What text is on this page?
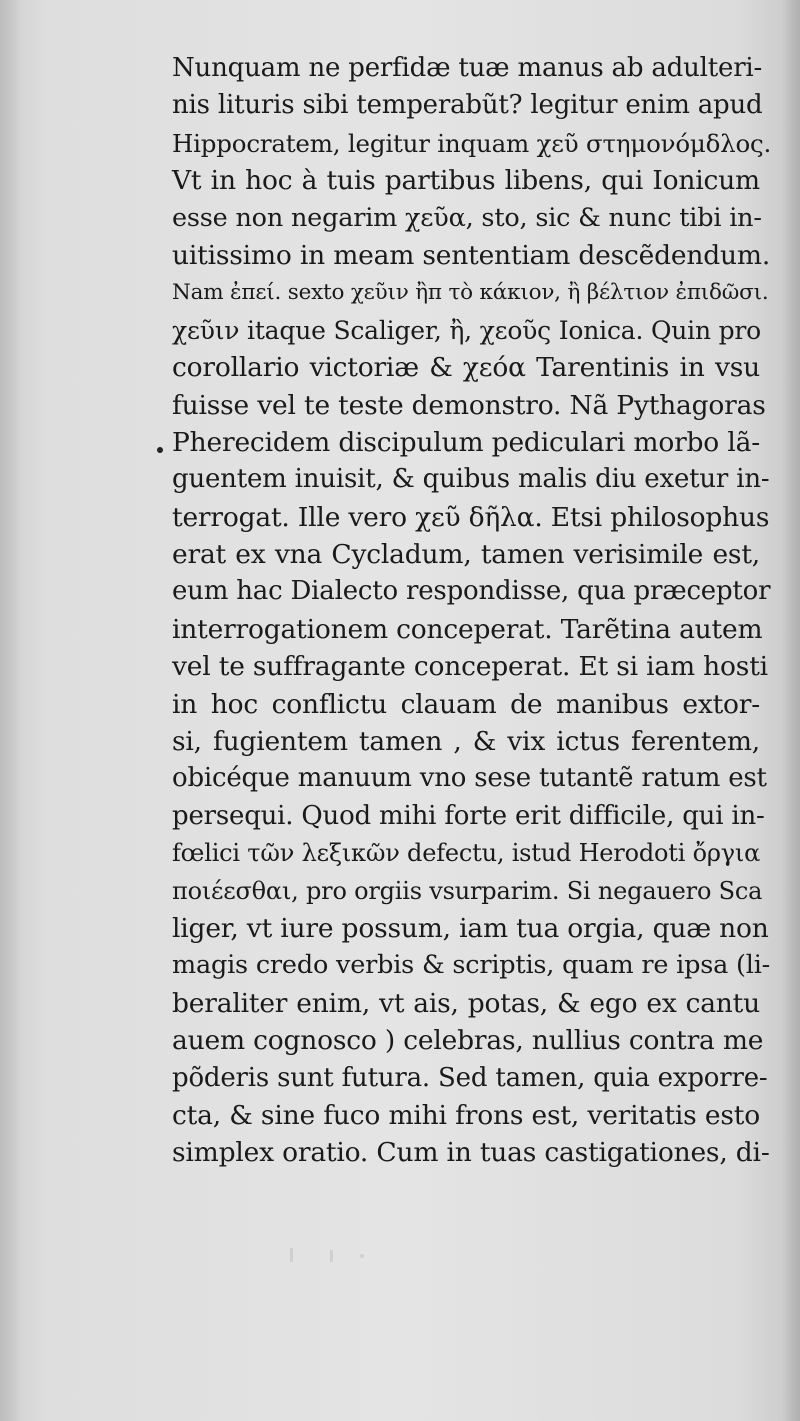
Nunquam ne perfidæ tuæ manus ab adulteri-
nis lituris sibi temperabũt? legitur enim apud
Hippocratem, legitur inquam χεῦ στημονόμδλος.
Vt in hoc à tuis partibus libens, qui Ionicum
esse non negarim χεῦα, sto, sic & nunc tibi in-
uitissimo in meam sententiam descẽdendum.
Nam ἐπεί. sexto χεῦιν ἢπ τὸ κάκιον, ἢ βέλτιον ἐπιδῶσι.
χεῦιν itaque Scaliger, ἢ, χεοῦς Ionica. Quin pro
corollario victoriæ & χεόα Tarentinis in vsu
fuisse vel te teste demonstro. Nã Pythagoras
Pherecidem discipulum pediculari morbo lã-
guentem inuisit, & quibus malis diu exetur in-
terrogat. Ille vero χεῦ δῆλα. Etsi philosophus
erat ex vna Cycladum, tamen verisimile est,
eum hac Dialecto respondisse, qua præceptor
interrogationem conceperat. Tarẽtina autem
vel te suffragante conceperat. Et si iam hosti
in hoc conflictu clauam de manibus extor-
si, fugientem tamen , & vix ictus ferentem,
obicéque manuum vno sese tutantẽ ratum est
persequi. Quod mihi forte erit difficile, qui in-
fœlici τῶν λεξικῶν defectu, istud Herodoti ὄργια
ποιέεσθαι, pro orgiis vsurparim. Si negauero Sca
liger, vt iure possum, iam tua orgia, quæ non
magis credo verbis & scriptis, quam re ipsa (li-
beraliter enim, vt ais, potas, & ego ex cantu
auem cognosco ) celebras, nullius contra me
põderis sunt futura. Sed tamen, quia exporre-
cta, & sine fuco mihi frons est, veritatis esto
simplex oratio. Cum in tuas castigationes, di-
